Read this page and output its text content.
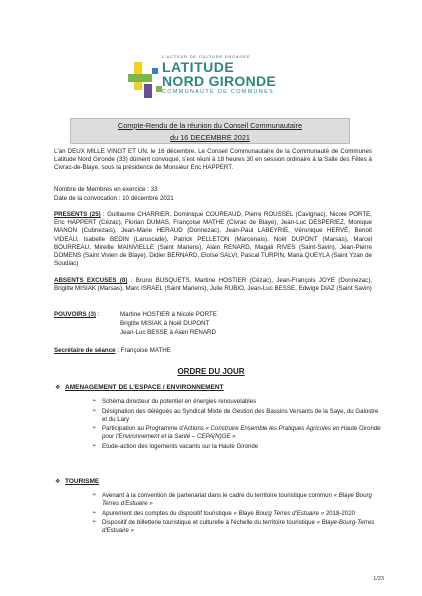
L'ACTEUR DE CULTURE ENGAGÉE
LATITUDE
NORD GIRONDE
COMMUNAUTÉ DE COMMUNES
Compte-Rendu de la réunion du Conseil Communautaire
du 16 DECEMBRE 2021
L'an DEUX MILLE VINGT ET UN, le 16 décembre, Le Conseil Communautaire de la Communauté de Communes Latitude Nord Gironde (33) dûment convoqué, s'est réuni à 18 heures 30 en session ordinaire à la Salle des Fêtes à Civrac-de-Blaye, sous la présidence de Monsieur Eric HAPPERT.
Nombre de Membres en exercice : 33
Date de la convocation : 10 décembre 2021
PRESENTS (25) : Guillaume CHARRIER, Dominique COUREAUD, Pierre ROUSSEL (Cavignac), Nicole PORTE, Eric HAPPERT (Cézac), Florian DUMAS, Françoise MATHE (Civrac de Blaye), Jean-Luc DESPERIEZ, Monique MANON (Cubnezais), Jean-Marie HERAUD (Donnezac), Jean-Paul LABEYRIE, Véronique HERVÉ, Benoit VIDEAU, Isabelle BEDIN (Laruscade), Patrick PELLETON (Marcenais), Noël DUPONT (Marsas), Marcel BOURREAU, Mireille MAINVIELLE (Saint Mariens), Alain RENARD, Magali RIVES (Saint-Savin), Jean-Pierre DOMENS (Saint Vivien de Blaye), Didier BERNARD, Eloïse SALVI, Pascal TURPIN, Maria QUEYLA (Saint Yzan de Soudiac)
ABSENTS EXCUSES (8) : Bruno BUSQUETS, Martine HOSTIER (Cézac), Jean-François JOYE (Donnezac), Brigitte MISIAK (Marsas), Marc ISRAEL (Saint Mariens), Julie RUBIO, Jean-Luc BESSE, Edwige DIAZ (Saint Savin)
POUVOIRS (3) :	Martine HOSTIER à Nicole PORTE
Brigitte MISIAK à Noël DUPONT
Jean-Luc BESSE à Alain RENARD
Secrétaire de séance : Françoise MATHE
ORDRE DU JOUR
❖ AMENAGEMENT DE L'ESPACE / ENVIRONNEMENT
➢ Schéma directeur du potentiel en énergies renouvelables
➢ Désignation des délégués au Syndicat Mixte de Gestion des Bassins Versants de la Saye, du Galostre et du Lary
➢ Participation au Programme d'Actions « Construire Ensemble les Pratiques Agricoles en Haute Gironde pour l'Environnement et la Santé – CEPA(N)GE »
➢ Etude-action des logements vacants sur la Haute Gironde
❖ TOURISME
➢ Avenant à la convention de partenariat dans le cadre du territoire touristique commun « Blaye Bourg Terres d'Estuaire »
➢ Apurement des comptes du dispositif touristique « Blaye Bourg Terres d'Estuaire » 2018-2020
➢ Dispositif de billetterie touristique et culturelle à l'échelle du territoire touristique « Blaye-Bourg-Terres d'Estuaire »
1/23
